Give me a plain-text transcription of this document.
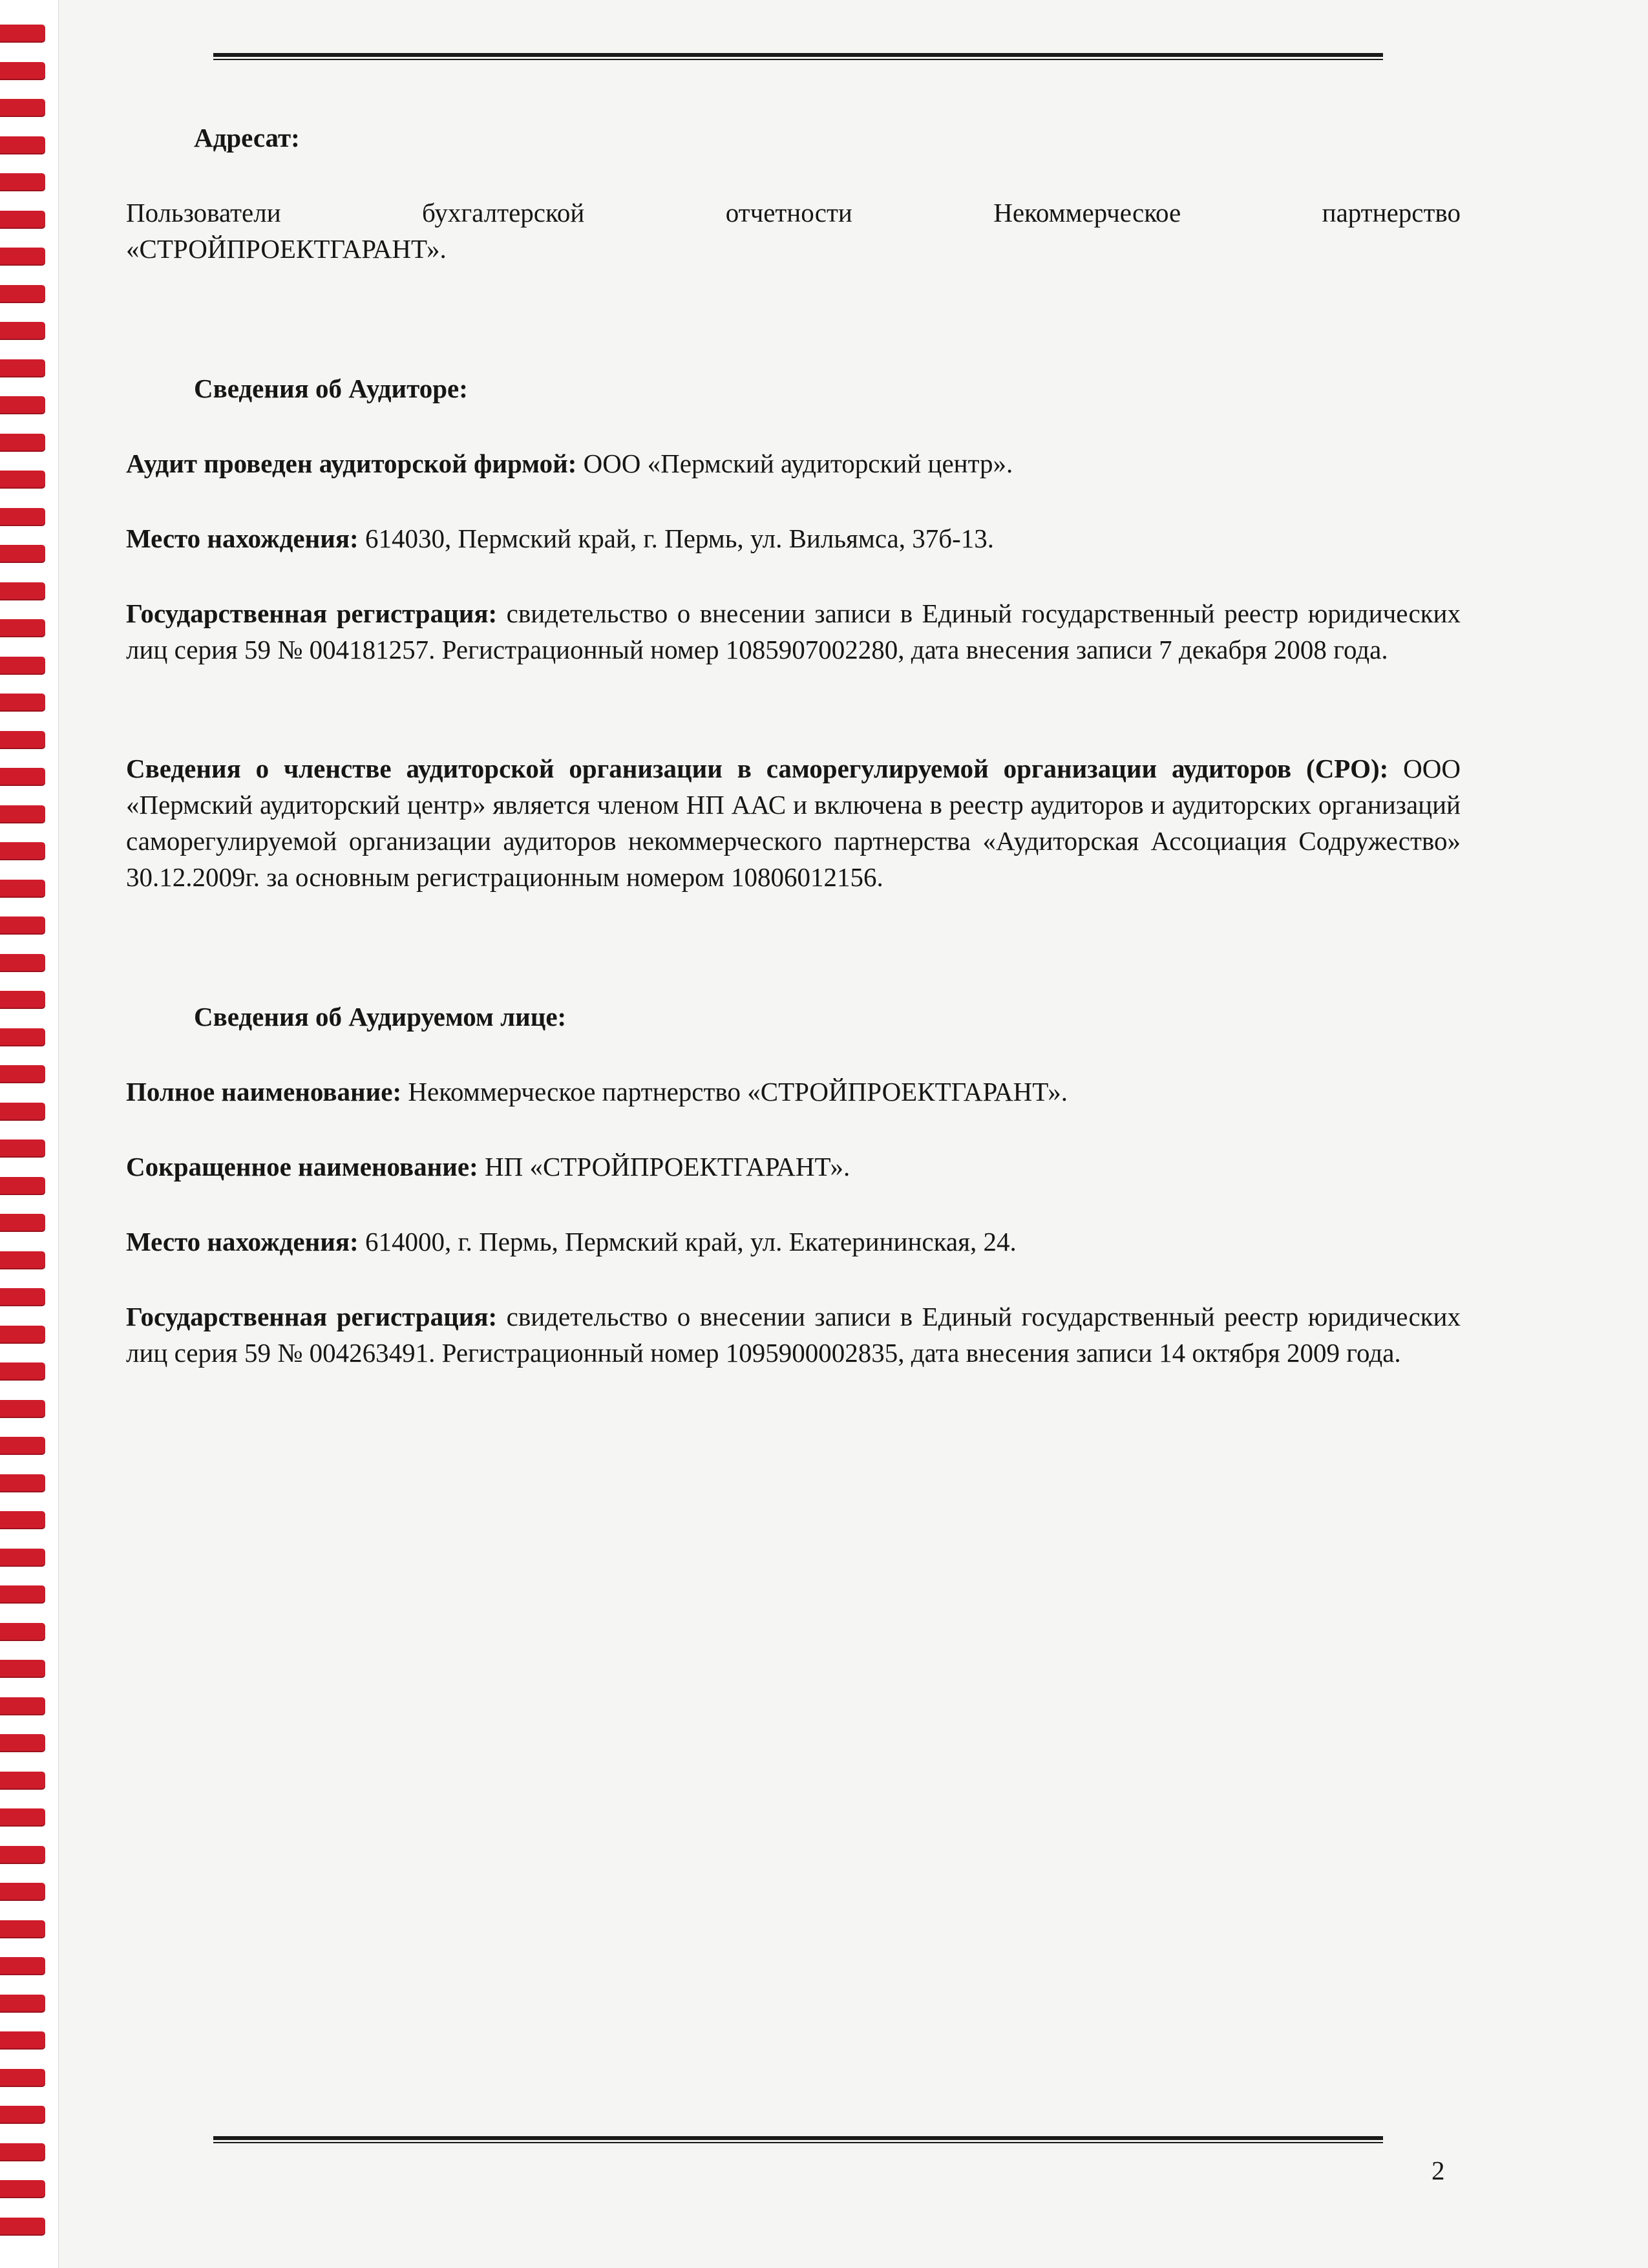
Адресат:

Пользователи бухгалтерской отчетности Некоммерческое партнерство

«СТРОЙПРОЕКТГАРАНТ».

Сведения об Аудиторе:

Аудит проведен аудиторской фирмой: ООО «Пермский аудиторский центр».

Место нахождения: 614030, Пермский край, г. Пермь, ул. Вильямса, 37б-13.

Государственная регистрация: свидетельство о внесении записи в Единый государственный реестр юридических лиц серия 59 № 004181257. Регистрационный номер 1085907002280, дата внесения записи 7 декабря 2008 года.

Сведения о членстве аудиторской организации в саморегулируемой организации аудиторов (СРО): ООО «Пермский аудиторский центр» является членом НП ААС и включена в реестр аудиторов и аудиторских организаций саморегулируемой организации аудиторов некоммерческого партнерства «Аудиторская Ассоциация Содружество» 30.12.2009г. за основным регистрационным номером 10806012156.

Сведения об Аудируемом лице:

Полное наименование: Некоммерческое партнерство «СТРОЙПРОЕКТГАРАНТ».

Сокращенное наименование: НП «СТРОЙПРОЕКТГАРАНТ».

Место нахождения: 614000, г. Пермь, Пермский край, ул. Екатерининская, 24.

Государственная регистрация: свидетельство о внесении записи в Единый государственный реестр юридических лиц серия 59 № 004263491. Регистрационный номер 1095900002835, дата внесения записи 14 октября 2009 года.

2
